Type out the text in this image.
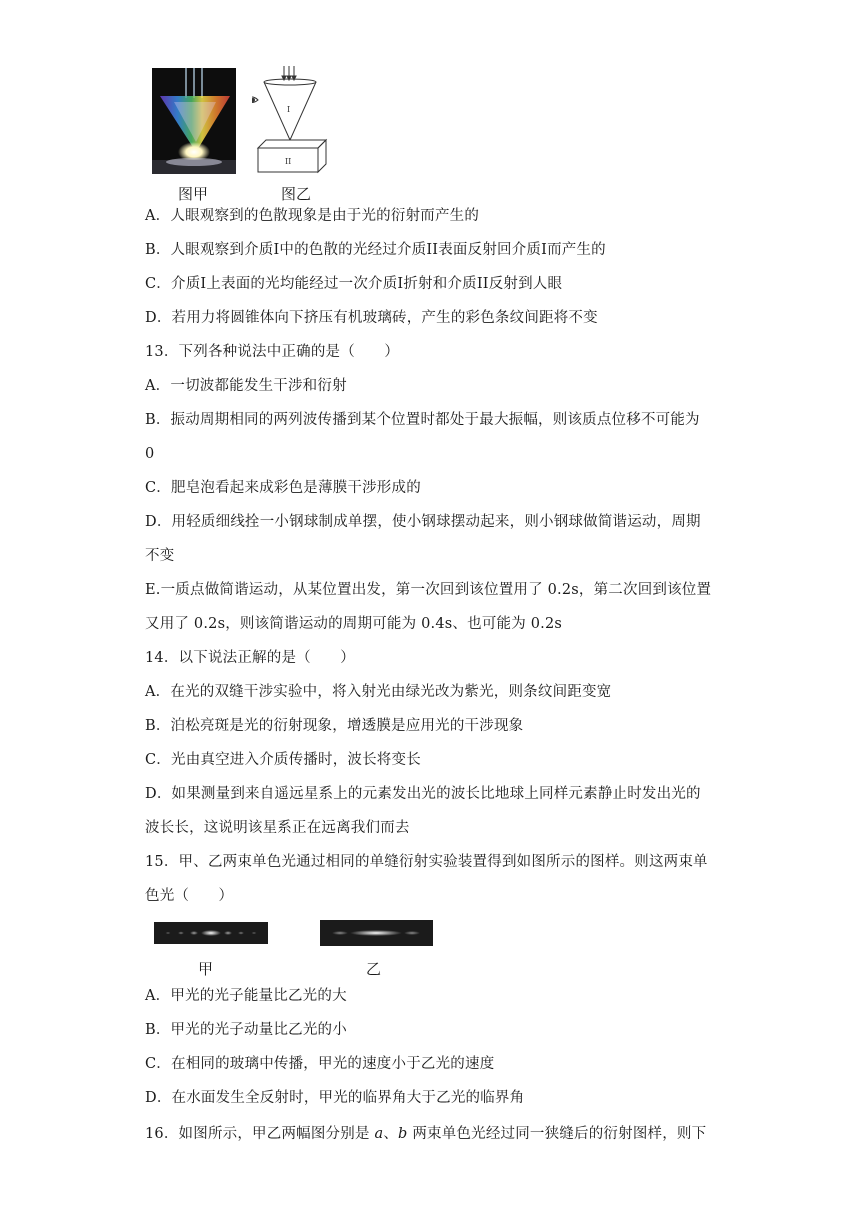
I
II
图甲	图乙
A．人眼观察到的色散现象是由于光的衍射而产生的
B．人眼观察到介质I中的色散的光经过介质II表面反射回介质I而产生的
C．介质I上表面的光均能经过一次介质I折射和介质II反射到人眼
D．若用力将圆锥体向下挤压有机玻璃砖，产生的彩色条纹间距将不变
13．下列各种说法中正确的是（　　）
A．一切波都能发生干涉和衍射
B．振动周期相同的两列波传播到某个位置时都处于最大振幅，则该质点位移不可能为
0
C．肥皂泡看起来成彩色是薄膜干涉形成的
D．用轻质细线拴一小钢球制成单摆，使小钢球摆动起来，则小钢球做简谐运动，周期
不变
E.一质点做简谐运动，从某位置出发，第一次回到该位置用了 0.2s，第二次回到该位置
又用了 0.2s，则该简谐运动的周期可能为 0.4s、也可能为 0.2s
14．以下说法正解的是（　　）
A．在光的双缝干涉实验中，将入射光由绿光改为紫光，则条纹间距变宽
B．泊松亮斑是光的衍射现象，增透膜是应用光的干涉现象
C．光由真空进入介质传播时，波长将变长
D．如果测量到来自遥远星系上的元素发出光的波长比地球上同样元素静止时发出光的
波长长，这说明该星系正在远离我们而去
15．甲、乙两束单色光通过相同的单缝衍射实验装置得到如图所示的图样。则这两束单
色光（　　）
甲	乙
A．甲光的光子能量比乙光的大
B．甲光的光子动量比乙光的小
C．在相同的玻璃中传播，甲光的速度小于乙光的速度
D．在水面发生全反射时，甲光的临界角大于乙光的临界角
16．如图所示，甲乙两幅图分别是 a、b 两束单色光经过同一狭缝后的衍射图样，则下
